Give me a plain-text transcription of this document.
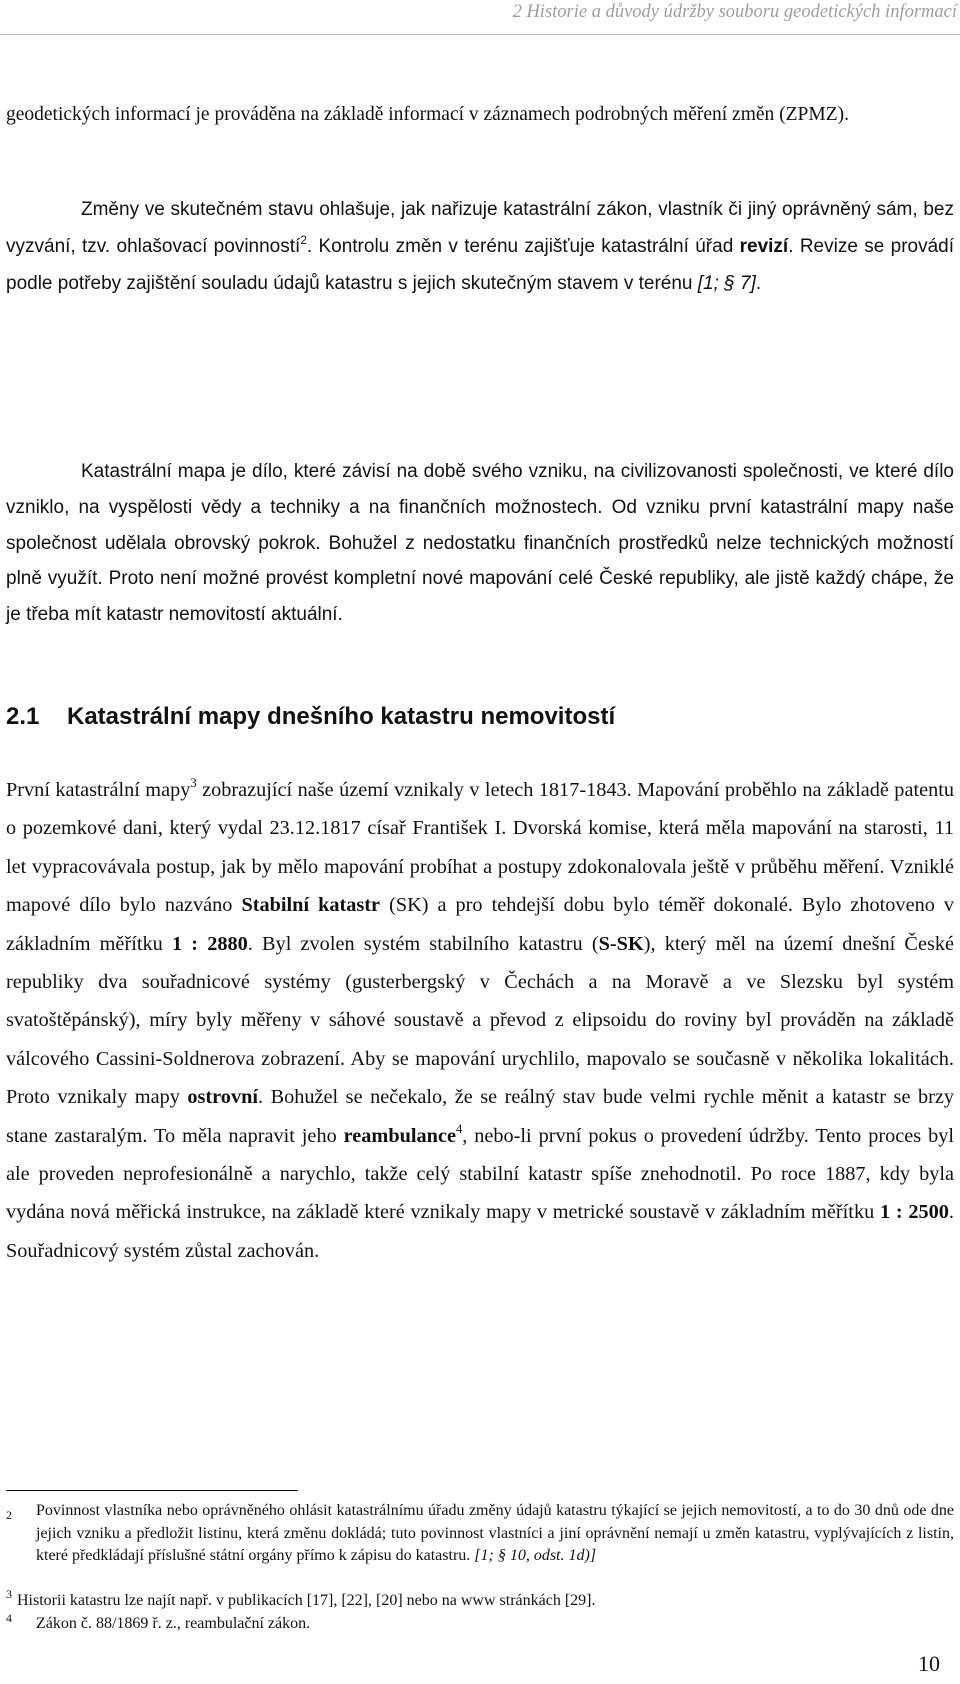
2 Historie a důvody údržby souboru geodetických informací

geodetických informací je prováděna na základě informací v záznamech podrobných měření změn (ZPMZ).

Změny ve skutečném stavu ohlašuje, jak nařizuje katastrální zákon, vlastník či jiný oprávněný sám, bez vyzvání, tzv. ohlašovací povinností$^2$. Kontrolu změn v terénu zajišťuje katastrální úřad revizí. Revize se provádí podle potřeby zajištění souladu údajů katastru s jejich skutečným stavem v terénu [1; § 7].

Katastrální mapa je dílo, které závisí na době svého vzniku, na civilizovanosti společnosti, ve které dílo vzniklo, na vyspělosti vědy a techniky a na finančních možnostech. Od vzniku první katastrální mapy naše společnost udělala obrovský pokrok. Bohužel z nedostatku finančních prostředků nelze technických možností plně využít. Proto není možné provést kompletní nové mapování celé České republiky, ale jistě každý chápe, že je třeba mít katastr nemovitostí aktuální.

2.1 Katastrální mapy dnešního katastru nemovitostí

První katastrální mapy$^3$ zobrazující naše území vznikaly v letech 1817-1843. Mapování proběhlo na základě patentu o pozemkové dani, který vydal 23.12.1817 císař František I. Dvorská komise, která měla mapování na starosti, 11 let vypracovávala postup, jak by mělo mapování probíhat a postupy zdokonalovala ještě v průběhu měření. Vzniklé mapové dílo bylo nazváno Stabilní katastr (SK) a pro tehdejší dobu bylo téměř dokonalé. Bylo zhotoveno v základním měřítku 1 : 2880. Byl zvolen systém stabilního katastru (S-SK), který měl na území dnešní České republiky dva souřadnicové systémy (gusterbergský v Čechách a na Moravě a ve Slezsku byl systém svatoštěpánský), míry byly měřeny v sáhové soustavě a převod z elipsoidu do roviny byl prováděn na základě válcového Cassini-Soldnerova zobrazení. Aby se mapování urychlilo, mapovalo se současně v několika lokalitách. Proto vznikaly mapy ostrovní. Bohužel se nečekalo, že se reálný stav bude velmi rychle měnit a katastr se brzy stane zastaralým. To měla napravit jeho reambulance$^4$, nebo-li první pokus o provedení údržby. Tento proces byl ale proveden neprofesionálně a narychlo, takže celý stabilní katastr spíše znehodnotil. Po roce 1887, kdy byla vydána nová měřická instrukce, na základě které vznikaly mapy v metrické soustavě v základním měřítku 1 : 2500. Souřadnicový systém zůstal zachován.

2 Povinnost vlastníka nebo oprávněného ohlásit katastrálnímu úřadu změny údajů katastru týkající se jejich nemovitostí, a to do 30 dnů ode dne jejich vzniku a předložit listinu, která změnu dokládá; tuto povinnost vlastníci a jiní oprávnění nemají u změn katastru, vyplývajících z listin, které předkládají příslušné státní orgány přímo k zápisu do katastru. [1; § 10, odst. 1d)]
3 Historii katastru lze najít např. v publikacích [17], [22], [20] nebo na www stránkách [29].
4 Zákon č. 88/1869 ř. z., reambulační zákon.
10
